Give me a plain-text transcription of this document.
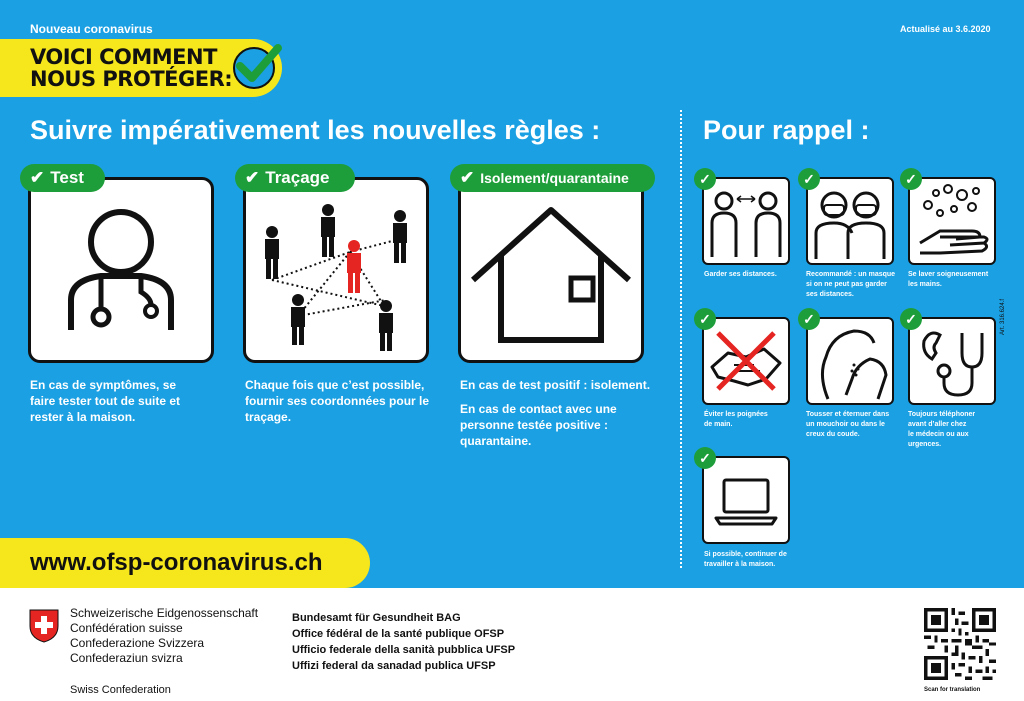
Nouveau coronavirus	Actualisé au 3.6.2020
VOICI COMMENT
NOUS PROTÉGER:
Suivre impérativement les nouvelles règles :	Pour rappel :
✔ Test
En cas de symptômes, se
faire tester tout de suite et
rester à la maison.
✔ Traçage
Chaque fois que c’est possible,
fournir ses coordonnées pour le
traçage.
✔ Isolement/quarantaine
En cas de test positif : isolement.
En cas de contact avec une
personne testée positive :
quarantaine.
✓
Garder ses distances.
✓
Recommandé : un masque
si on ne peut pas garder
ses distances.
✓
Se laver soigneusement
les mains.
✓
Éviter les poignées
de main.
✓
Tousser et éternuer dans
un mouchoir ou dans le
creux du coude.
✓
Toujours téléphoner
avant d’aller chez
le médecin ou aux
urgences.
✓
Si possible, continuer de
travailler à la maison.
Art. 316.624.f
www.ofsp-coronavirus.ch
Schweizerische Eidgenossenschaft
Confédération suisse
Confederazione Svizzera
Confederaziun svizra
Swiss Confederation
Bundesamt für Gesundheit BAG
Office fédéral de la santé publique OFSP
Ufficio federale della sanità pubblica UFSP
Uffizi federal da sanadad publica UFSP
Scan for translation
